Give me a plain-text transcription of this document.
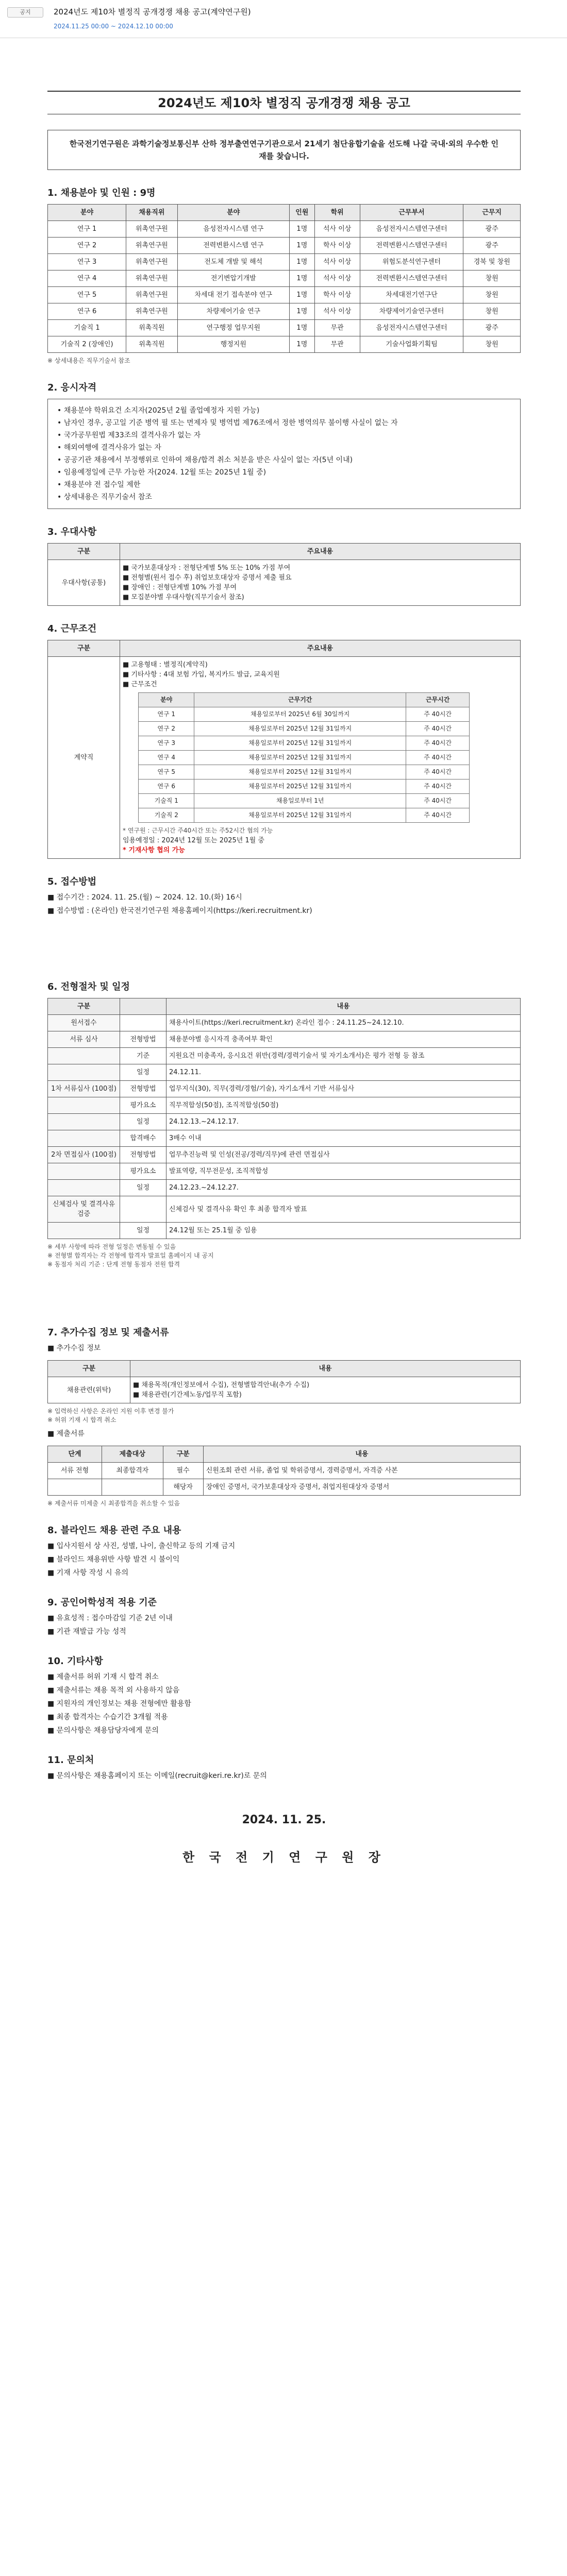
공지	2024년도 제10차 별정직 공개경쟁 채용 공고(계약연구원)
2024.11.25 00:00 ~ 2024.12.10 00:00
2024년도 제10차 별정직 공개경쟁 채용 공고
한국전기연구원은 과학기술정보통신부 산하 정부출연연구기관으로서 21세기 첨단융합기술을 선도해 나갈 국내·외의 우수한 인재를 찾습니다.
1. 채용분야 및 인원 : 9명
분야	채용직위	분야	인원	학위	근무부서	근무지
연구 1	위촉연구원	음성전자시스템 연구	1명	석사 이상	음성전자시스템연구센터	광주
연구 2	위촉연구원	전력변환시스템 연구	1명	학사 이상	전력변환시스템연구센터	광주
연구 3	위촉연구원	전도체 개발 및 해석	1명	석사 이상	위험도분석연구센터	경북 및 창원
연구 4	위촉연구원	전기변압기개발	1명	석사 이상	전력변환시스템연구센터	창원
연구 5	위촉연구원	차세대 전기 접속분야 연구	1명	학사 이상	차세대전기연구단	창원
연구 6	위촉연구원	차량제어기술 연구	1명	석사 이상	차량제어기술연구센터	창원
기술직 1	위촉직원	연구행정 업무지원	1명	무관	음성전자시스템연구센터	광주
기술직 2 (장애인)	위촉직원	행정지원	1명	무관	기술사업화기획팀	창원
※ 상세내용은 직무기술서 참조
2. 응시자격
• 채용분야 학위요건 소지자(2025년 2월 졸업예정자 지원 가능)
• 남자인 경우, 공고일 기준 병역 필 또는 면제자 및 병역법 제76조에서 정한 병역의무 불이행 사실이 없는 자
• 국가공무원법 제33조의 결격사유가 없는 자
• 해외여행에 결격사유가 없는 자
• 공공기관 채용에서 부정행위로 인하여 채용/합격 취소 처분을 받은 사실이 없는 자(5년 이내)
• 임용예정일에 근무 가능한 자(2024. 12월 또는 2025년 1월 중)
• 채용분야 전 접수일 제한
• 상세내용은 직무기술서 참조
3. 우대사항
구분	주요내용
우대사항(공통)	■ 국가보훈대상자 : 전형단계별 5% 또는 10% 가점 부여
■ 전형별(원서 접수 후) 취업보호대상자 증명서 제출 필요
■ 장애인 : 전형단계별 10% 가점 부여
■ 모집분야별 우대사항(직무기술서 참조)
4. 근무조건
구분	주요내용
계약직	
■ 고용형태 : 별정직(계약직)
■ 기타사항 : 4대 보험 가입, 복지카드 발급, 교육지원
■ 근무조건
분야	근무기간	근무시간
연구 1	채용일로부터 2025년 6월 30일까지	주 40시간
연구 2	채용일로부터 2025년 12월 31일까지	주 40시간
연구 3	채용일로부터 2025년 12월 31일까지	주 40시간
연구 4	채용일로부터 2025년 12월 31일까지	주 40시간
연구 5	채용일로부터 2025년 12월 31일까지	주 40시간
연구 6	채용일로부터 2025년 12월 31일까지	주 40시간
기술직 1	채용일로부터 1년	주 40시간
기술직 2	채용일로부터 2025년 12월 31일까지	주 40시간
* 연구원 : 근무시간 주40시간 또는 주52시간 협의 가능
임용예정일 : 2024년 12월 또는 2025년 1월 중
* 기재사항 협의 가능
5. 접수방법
■ 접수기간 : 2024. 11. 25.(월) ~ 2024. 12. 10.(화) 16시
■ 접수방법 : (온라인) 한국전기연구원 채용홈페이지(https://keri.recruitment.kr)
6. 전형절차 및 일정
구분		내용
원서접수		채용사이트(https://keri.recruitment.kr) 온라인 접수 : 24.11.25~24.12.10.
서류 심사	전형방법	채용분야별 응시자격 충족여부 확인
	기준	지원요건 미충족자, 응시요건 위반(경력/경력기술서 및 자기소개서)은 평가 전형 등 참조
	일정	24.12.11.
1차 서류심사 (100점)	전형방법	업무지식(30), 직무(경력/경험/기술), 자기소개서 기반 서류심사
	평가요소	직무적합성(50점), 조직적합성(50점)
	일정	24.12.13.~24.12.17.
	합격배수	3배수 이내
2차 면접심사 (100점)	전형방법	업무추진능력 및 인성(전공/경력/직무)에 관련 면접심사
	평가요소	발표역량, 직무전문성, 조직적합성
	일정	24.12.23.~24.12.27.
신체검사 및 결격사유 검증		신체검사 및 결격사유 확인 후 최종 합격자 발표
	일정	24.12월 또는 25.1월 중 임용
※ 세부 사항에 따라 전형 일정은 변동될 수 있음
※ 전형별 합격자는 각 전형에 합격자 발표일 홈페이지 내 공지
※ 동점자 처리 기준 : 단계 전형 동점자 전원 합격
7. 추가수집 정보 및 제출서류
■ 추가수집 정보
구분	내용
채용관련(위탁)	■ 채용목적(개인정보에서 수집), 전형별합격안내(추가 수집)
■ 채용관련(기간제노동/업무직 포함)
※ 입력하신 사항은 온라인 지원 이후 변경 불가
※ 허위 기재 시 합격 취소
■ 제출서류
단계	제출대상	구분	내용
서류 전형	최종합격자	필수	신원조회 관련 서류, 졸업 및 학위증명서, 경력증명서, 자격증 사본
		해당자	장애인 증명서, 국가보훈대상자 증명서, 취업지원대상자 증명서
※ 제출서류 미제출 시 최종합격을 취소할 수 있음
8. 블라인드 채용 관련 주요 내용
■ 입사지원서 상 사진, 성별, 나이, 출신학교 등의 기재 금지
■ 블라인드 채용위반 사항 발견 시 불이익
■ 기재 사항 작성 시 유의
9. 공인어학성적 적용 기준
■ 유효성적 : 접수마감일 기준 2년 이내
■ 기관 재발급 가능 성적
10. 기타사항
■ 제출서류 허위 기재 시 합격 취소
■ 제출서류는 채용 목적 외 사용하지 않음
■ 지원자의 개인정보는 채용 전형에만 활용함
■ 최종 합격자는 수습기간 3개월 적용
■ 문의사항은 채용담당자에게 문의
11. 문의처
■ 문의사항은 채용홈페이지 또는 이메일(recruit@keri.re.kr)로 문의
2024. 11. 25.
한 국 전 기 연 구 원 장
